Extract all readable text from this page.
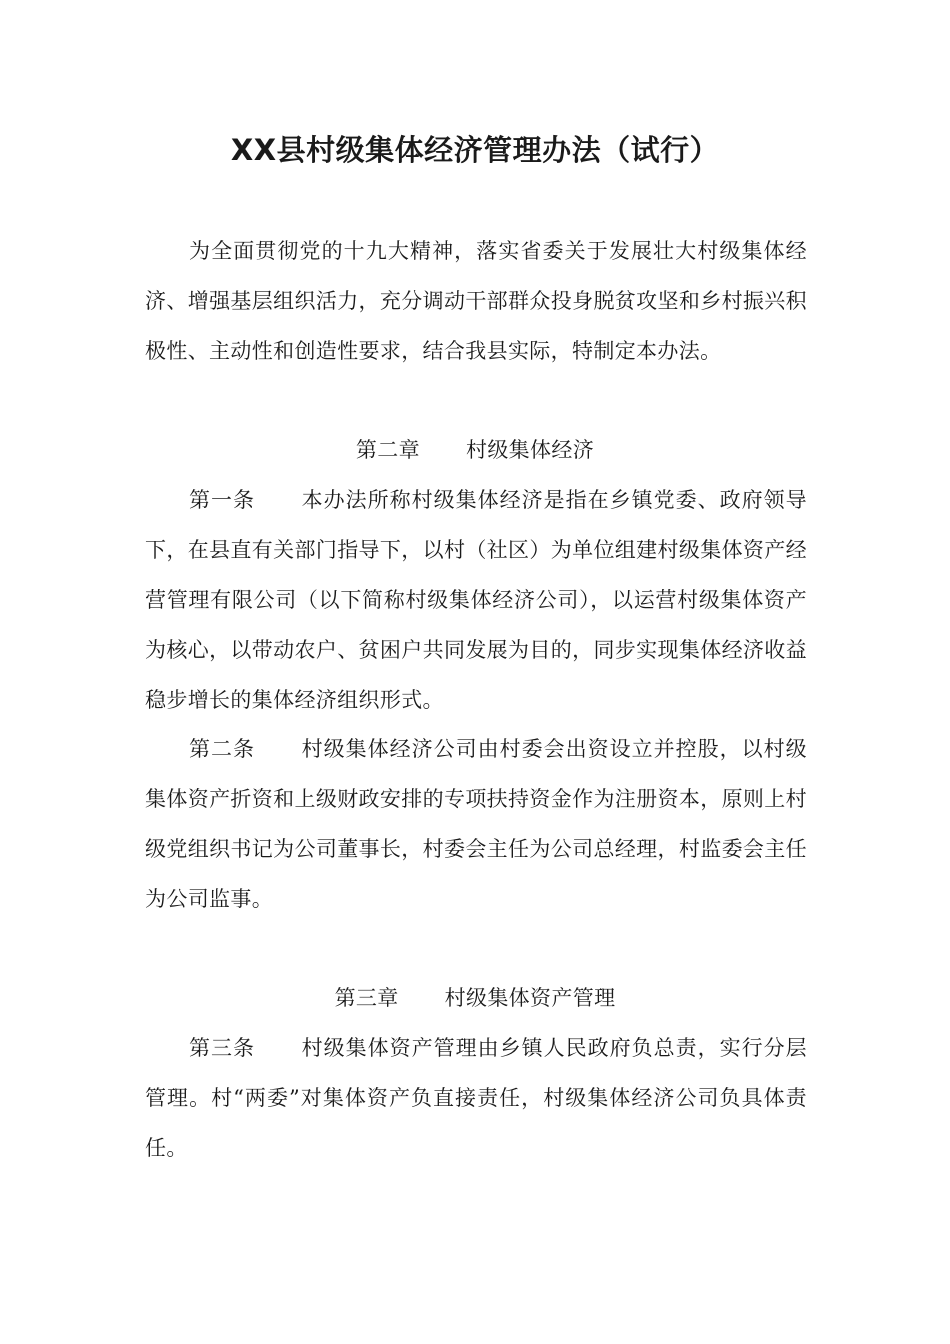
XX县村级集体经济管理办法（试行）

为全面贯彻党的十九大精神，落实省委关于发展壮大村级集体经济、增强基层组织活力，充分调动干部群众投身脱贫攻坚和乡村振兴积极性、主动性和创造性要求，结合我县实际，特制定本办法。

第二章 村级集体经济

第一条 本办法所称村级集体经济是指在乡镇党委、政府领导下，在县直有关部门指导下，以村（社区）为单位组建村级集体资产经营管理有限公司（以下简称村级集体经济公司），以运营村级集体资产为核心，以带动农户、贫困户共同发展为目的，同步实现集体经济收益稳步增长的集体经济组织形式。

第二条 村级集体经济公司由村委会出资设立并控股，以村级集体资产折资和上级财政安排的专项扶持资金作为注册资本，原则上村级党组织书记为公司董事长，村委会主任为公司总经理，村监委会主任为公司监事。

第三章 村级集体资产管理

第三条 村级集体资产管理由乡镇人民政府负总责，实行分层管理。村“两委”对集体资产负直接责任，村级集体经济公司负具体责任。
